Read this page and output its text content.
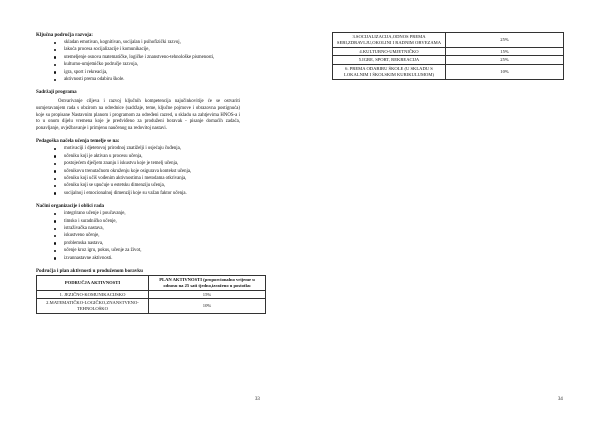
Ključna područja razvoja:

skladan emotivan, kognitivan, socijalan i psihofizički razvoj,
lakoća procesa socijalizacije i komunikacije,
utemeljenje osnova matematičke, logičke i znanstveno-tehnološke pismenosti,
kulturno-umjetničko područje razvoja,
igra, sport i rekreacija,
aktivnosti prema odabiru škole.

Sadržaji programa

Ostvarivanje ciljeva i razvoj ključnih kompetencija najučinkovitije će se ostvariti usmjeravanjem rada s obzirom na odrednice (sadržaje, teme, ključne pojmove i obrazovna postignuća) koje su propisane Nastavnim planom i programom za određeni razred, u skladu sa zahtjevima HNOS-a i to u onom dijelu vremena koje je predviđeno za produženi boravak - pisanje domaćih zadaća, ponavljanje, uvježbavanje i primjenu naučenog na redovitoj nastavi.

Pedagoška načela učenja temelje se na:

motivaciji i djetetovoj prirodnoj znatiželji i osjećaju čuđenja,
učeniku koji je aktivan u procesu učenja,
postojećem dječjem znanju i iskustvu koje je temelj učenja,
učenikovu trenutačnom okruženju koje osigurava kontekst učenja,
učeniku koji učiš vođenim aktivnostima i metodama otkrivanja,
učeniku koji se upućuje u estetsku dimenziju učenja,
socijalnoj i emocionalnoj dimenziji koje su važan faktor učenja.

Načini organizacije i oblici rada

integrirano učenje i poučavanje,
timsko i suradničko učenje,
istraživačka nastava,
iskustveno učenje,
problemska nastava,
učenje kroz igru, pokus, učenje za život,
izvannastavne aktivnosti.

Područja i plan aktivnosti u produženom boravku

PODRUČJA AKTIVNOSTI	PLAN AKTIVNOSTI (proporcionalno vrijeme u odnosu na 25 sati tjedno,izraženo u postotku
1. JEZIČNO-KOMUNIKACIJSKO	15%
2.MATEMATIČKO-LOGIČKO,ZNANSTVENO-TEHNOLOŠKO	10%
33
3.SOCIJALIZACIJA,ODNOS PREMA SEBI,ZDRAVLJU,OKOLINI I RADNIM OBVEZAMA	25%
4.KULTURNO-UMJETNIČKO	15%
5.IGRE, SPORT, REKREACIJA	25%
6. PREMA ODABIRU ŠKOLE (U SKLADU S LOKALNIM I ŠKOLSKIM KURIKULUMOM)	10%
34
